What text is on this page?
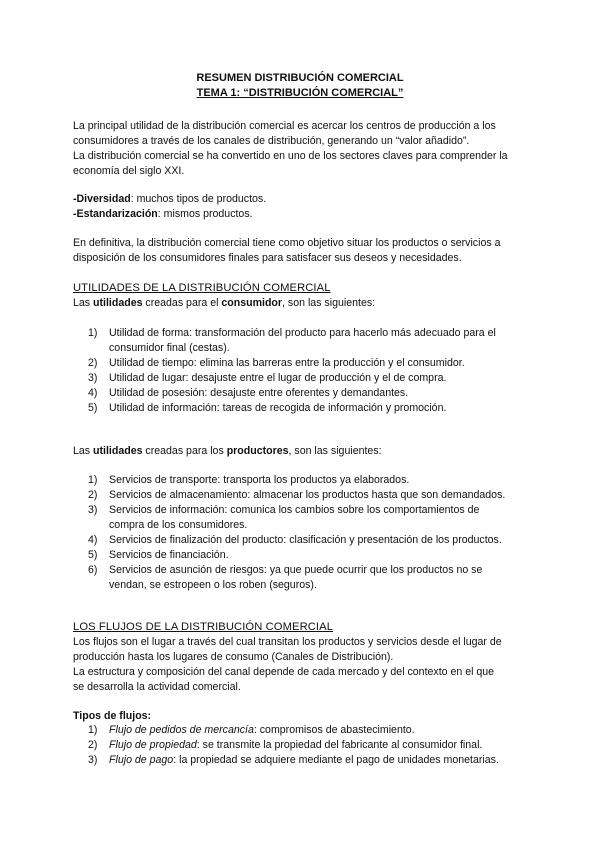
RESUMEN DISTRIBUCIÓN COMERCIAL
TEMA 1: “DISTRIBUCIÓN COMERCIAL”

La principal utilidad de la distribución comercial es acercar los centros de producción a los

consumidores a través de los canales de distribución, generando un “valor añadido”.

La distribución comercial se ha convertido en uno de los sectores claves para comprender la

economía del siglo XXI.

-Diversidad: muchos tipos de productos.

-Estandarización: mismos productos.

En definitiva, la distribución comercial tiene como objetivo situar los productos o servicios a

disposición de los consumidores finales para satisfacer sus deseos y necesidades.

UTILIDADES DE LA DISTRIBUCIÓN COMERCIAL

Las utilidades creadas para el consumidor, son las siguientes:

1) Utilidad de forma: transformación del producto para hacerlo más adecuado para el
consumidor final (cestas).
2) Utilidad de tiempo: elimina las barreras entre la producción y el consumidor.
3) Utilidad de lugar: desajuste entre el lugar de producción y el de compra.
4) Utilidad de posesión: desajuste entre oferentes y demandantes.
5) Utilidad de información: tareas de recogida de información y promoción.

Las utilidades creadas para los productores, son las siguientes:

1) Servicios de transporte: transporta los productos ya elaborados.
2) Servicios de almacenamiento: almacenar los productos hasta que son demandados.
3) Servicios de información: comunica los cambios sobre los comportamientos de
compra de los consumidores.
4) Servicios de finalización del producto: clasificación y presentación de los productos.
5) Servicios de financiación.
6) Servicios de asunción de riesgos: ya que puede ocurrir que los productos no se
vendan, se estropeen o los roben (seguros).
LOS FLUJOS DE LA DISTRIBUCIÓN COMERCIAL

Los flujos son el lugar a través del cual transitan los productos y servicios desde el lugar de

producción hasta los lugares de consumo (Canales de Distribución).

La estructura y composición del canal depende de cada mercado y del contexto en el que

se desarrolla la actividad comercial.

Tipos de flujos:
1) Flujo de pedidos de mercancía: compromisos de abastecimiento.
2) Flujo de propiedad: se transmite la propiedad del fabricante al consumidor final.
3) Flujo de pago: la propiedad se adquiere mediante el pago de unidades monetarias.
